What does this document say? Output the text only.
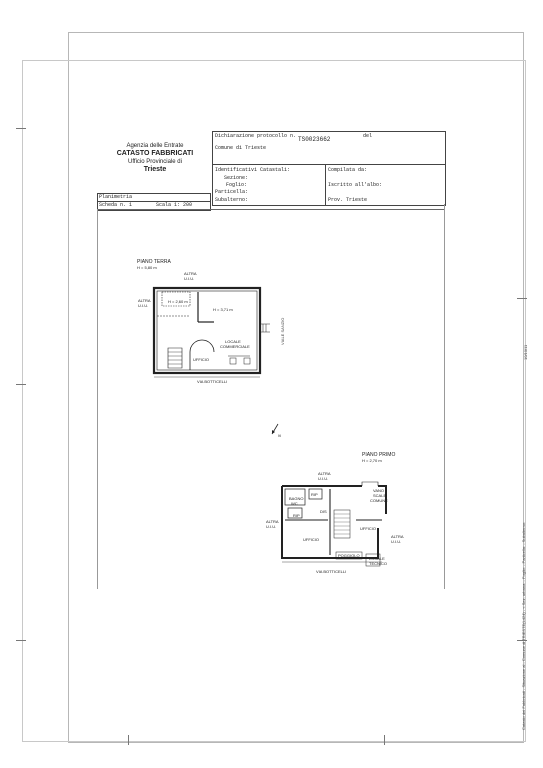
Agenzia delle Entrate
CATASTO FABBRICATI
Ufficio Provinciale di
Trieste
Dichiarazione protocollo n. TS0023662	del
Comune di Trieste
Identificativi Catastali:
Sezione:
Foglio:
Particella:
Subalterno:
Compilata da:
Iscritto all'albo:
Prov. Trieste
Planimetria
Scheda n. 1	Scala 1: 200
PIANO TERRA
H = 5,80 m
ALTRA
U.I.U.
ALTRA
U.I.U.
H = 2,60 m
H = 3,71 m
LOCALE
COMMERCIALE
UFFICIO
VIA BOTTICELLI
VIALE SANZIO
N
PIANO PRIMO
H = 2,70 m
ALTRA
U.I.U.
ALTRA
U.I.U.
ALTRA
U.I.U.
BAGNO
WC
RIP
RIP
DIS
VANO
SCALE
COMUNE
UFFICIO
UFFICIO
POGGIOLO
LOCALE
TECNICO
VIA BOTTICELLI	Catasto dei Fabbricati - Situazione al - Comune di TRIESTE(L424) - < Sez. urbana: - Foglio: - Particella: - Subalterno:
10/10/11
